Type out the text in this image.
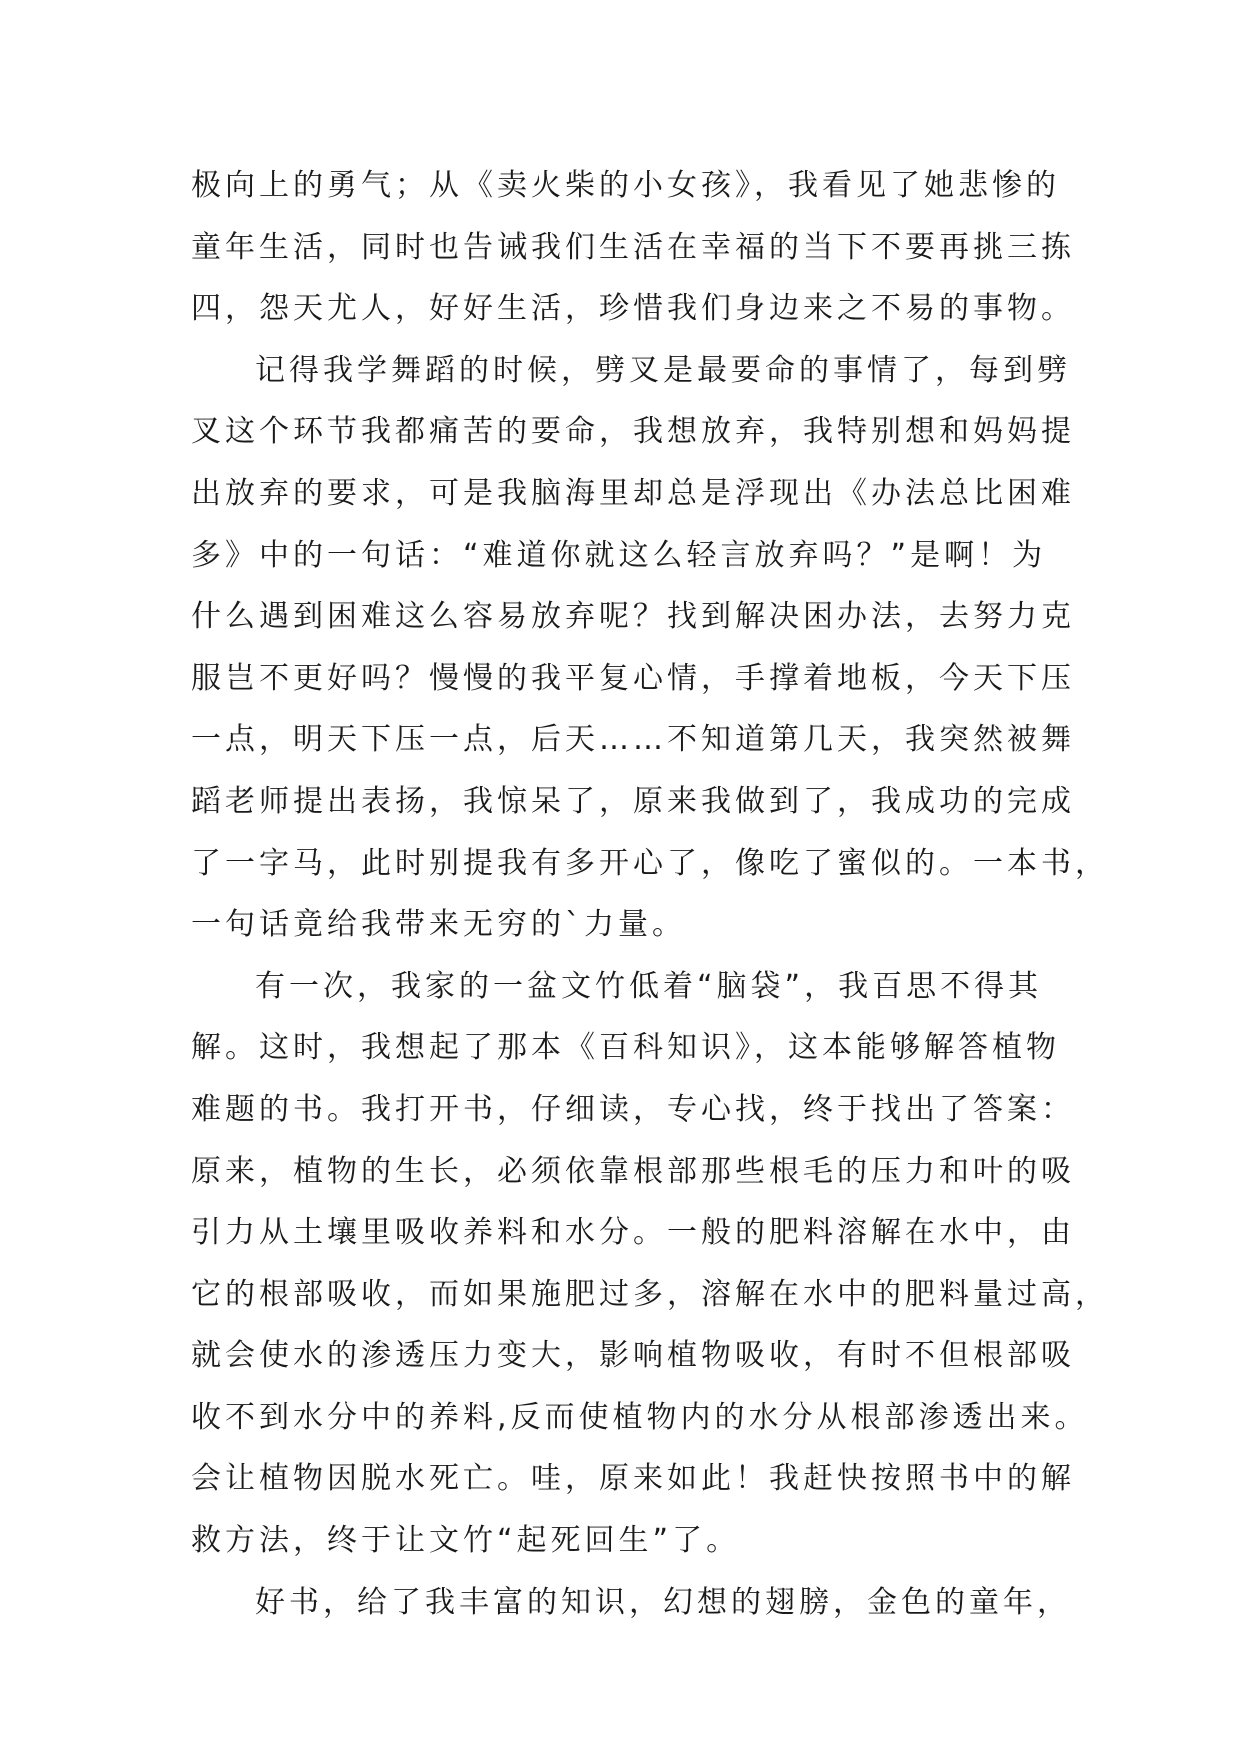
极向上的勇气；从《卖火柴的小女孩》，我看见了她悲惨的
童年生活，同时也告诫我们生活在幸福的当下不要再挑三拣
四，怨天尤人，好好生活，珍惜我们身边来之不易的事物。
记得我学舞蹈的时候，劈叉是最要命的事情了，每到劈
叉这个环节我都痛苦的要命，我想放弃，我特别想和妈妈提
出放弃的要求，可是我脑海里却总是浮现出《办法总比困难
多》中的一句话：“难道你就这么轻言放弃吗？”是啊！为
什么遇到困难这么容易放弃呢？找到解决困办法，去努力克
服岂不更好吗？慢慢的我平复心情，手撑着地板，今天下压
一点，明天下压一点，后天……不知道第几天，我突然被舞
蹈老师提出表扬，我惊呆了，原来我做到了，我成功的完成
了一字马，此时别提我有多开心了，像吃了蜜似的。一本书，
一句话竟给我带来无穷的`力量。
有一次，我家的一盆文竹低着“脑袋”，我百思不得其
解。这时，我想起了那本《百科知识》，这本能够解答植物
难题的书。我打开书，仔细读，专心找，终于找出了答案：
原来，植物的生长，必须依靠根部那些根毛的压力和叶的吸
引力从土壤里吸收养料和水分。一般的肥料溶解在水中，由
它的根部吸收，而如果施肥过多，溶解在水中的肥料量过高，
就会使水的渗透压力变大，影响植物吸收，有时不但根部吸
收不到水分中的养料,反而使植物内的水分从根部渗透出来。
会让植物因脱水死亡。哇，原来如此！我赶快按照书中的解
救方法，终于让文竹“起死回生”了。
好书，给了我丰富的知识，幻想的翅膀，金色的童年，
